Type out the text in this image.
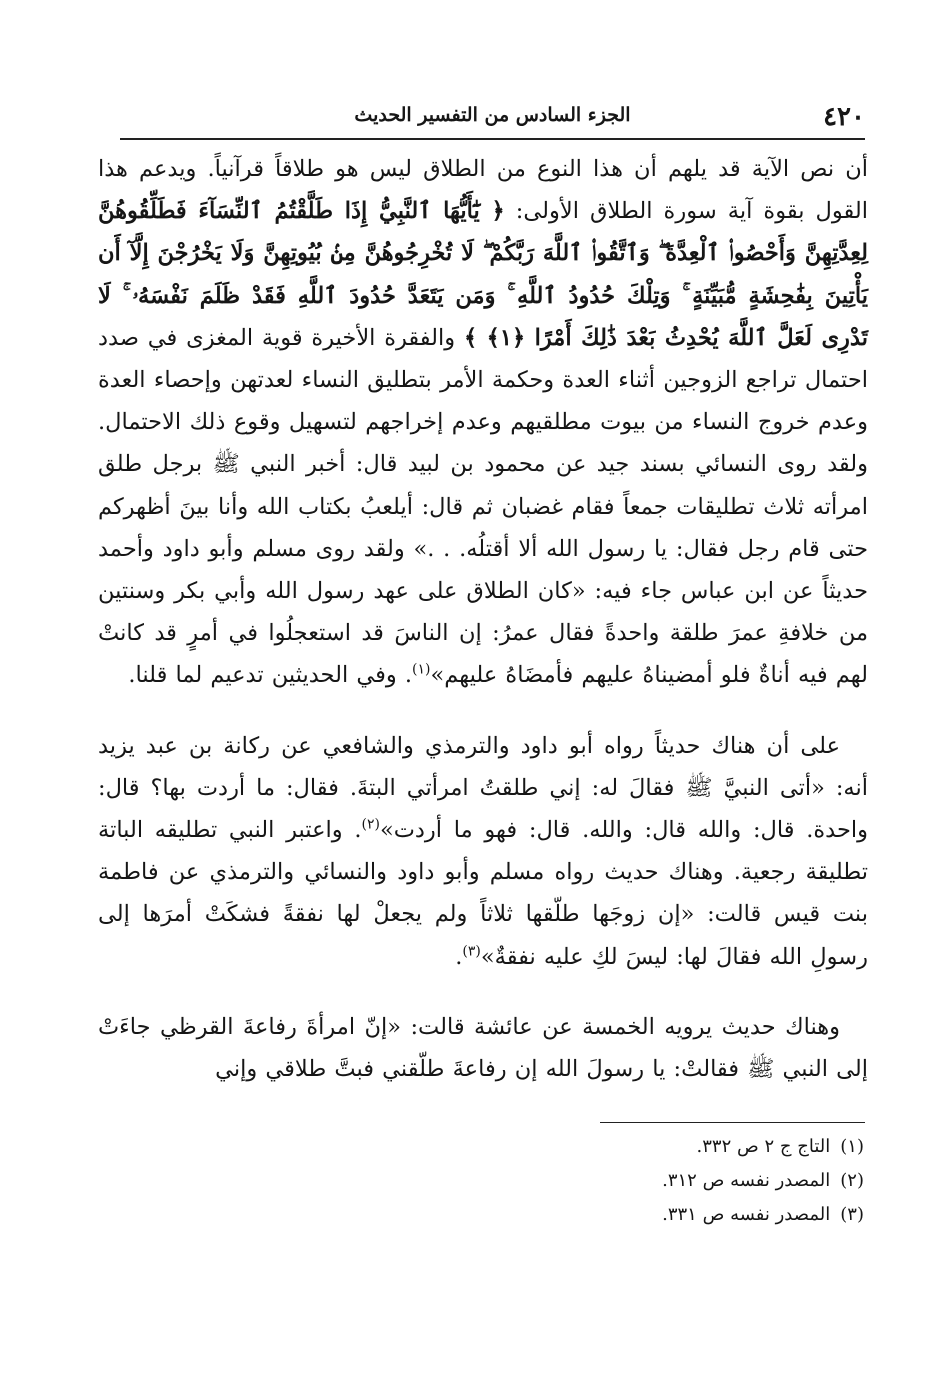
٤٢٠
الجزء السادس من التفسير الحديث

أن نص الآية قد يلهم أن هذا النوع من الطلاق ليس هو طلاقاً قرآنياً. ويدعم هذا القول بقوة آية سورة الطلاق الأولى: ﴿ يَٰٓأَيُّهَا ٱلنَّبِيُّ إِذَا طَلَّقْتُمُ ٱلنِّسَآءَ فَطَلِّقُوهُنَّ لِعِدَّتِهِنَّ وَأَحْصُوا۟ ٱلْعِدَّةَ ۖ وَٱتَّقُوا۟ ٱللَّهَ رَبَّكُمْ ۖ لَا تُخْرِجُوهُنَّ مِنۢ بُيُوتِهِنَّ وَلَا يَخْرُجْنَ إِلَّآ أَن يَأْتِينَ بِفَٰحِشَةٍ مُّبَيِّنَةٍ ۚ وَتِلْكَ حُدُودُ ٱللَّهِ ۚ وَمَن يَتَعَدَّ حُدُودَ ٱللَّهِ فَقَدْ ظَلَمَ نَفْسَهُۥ ۚ لَا تَدْرِى لَعَلَّ ٱللَّهَ يُحْدِثُ بَعْدَ ذَٰلِكَ أَمْرًا ﴿١﴾ ﴾ والفقرة الأخيرة قوية المغزى في صدد احتمال تراجع الزوجين أثناء العدة وحكمة الأمر بتطليق النساء لعدتهن وإحصاء العدة وعدم خروج النساء من بيوت مطلقيهم وعدم إخراجهم لتسهيل وقوع ذلك الاحتمال. ولقد روى النسائي بسند جيد عن محمود بن لبيد قال: أخبر النبي ﷺ برجل طلق امرأته ثلاث تطليقات جمعاً فقام غضبان ثم قال: أيلعبُ بكتاب الله وأنا بينَ أظهركم حتى قام رجل فقال: يا رسول الله ألا أقتلُه. . .» ولقد روى مسلم وأبو داود وأحمد حديثاً عن ابن عباس جاء فيه: «كان الطلاق على عهد رسول الله وأبي بكر وسنتين من خلافةِ عمرَ طلقة واحدةً فقال عمرُ: إن الناسَ قد استعجلُوا في أمرٍ قد كانتْ لهم فيه أناةٌ فلو أمضيناهُ عليهم فأمضَاهُ عليهم»$^{(١)}$. وفي الحديثين تدعيم لما قلنا.

على أن هناك حديثاً رواه أبو داود والترمذي والشافعي عن ركانة بن عبد يزيد أنه: «أتى النبيَّ ﷺ فقالَ له: إني طلقتُ امرأتي البتةَ. فقال: ما أردت بها؟ قال: واحدة. قال: والله قال: والله. قال: فهو ما أردت»$^{(٢)}$. واعتبر النبي تطليقه الباتة تطليقة رجعية. وهناك حديث رواه مسلم وأبو داود والنسائي والترمذي عن فاطمة بنت قيس قالت: «إن زوجَها طلّقها ثلاثاً ولم يجعلْ لها نفقةً فشكَتْ أمرَها إلى رسولِ الله فقالَ لها: ليسَ لكِ عليه نفقةٌ»$^{(٣)}$.

وهناك حديث يرويه الخمسة عن عائشة قالت: «إنّ امرأةَ رفاعةَ القرظي جاءَتْ إلى النبي ﷺ فقالتْ: يا رسولَ الله إن رفاعةَ طلّقني فبتَّ طلاقي وإني

(١)التاج ج ٢ ص ٣٣٢.

(٢)المصدر نفسه ص ٣١٢.

(٣)المصدر نفسه ص ٣٣١.
